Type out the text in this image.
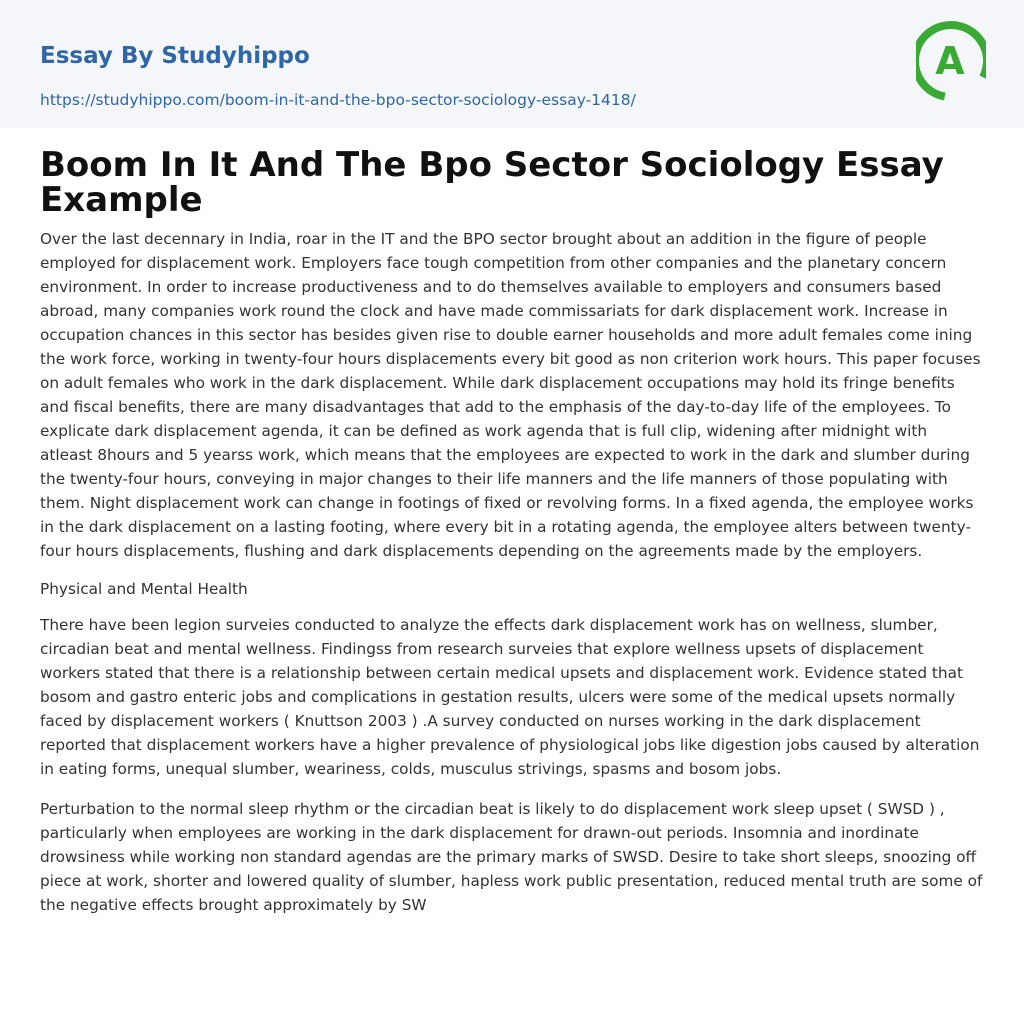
Essay By Studyhippo
https://studyhippo.com/boom-in-it-and-the-bpo-sector-sociology-essay-1418/
A
Boom In It And The Bpo Sector Sociology Essay Example

Over the last decennary in India, roar in the IT and the BPO sector brought about an addition in the figure of people employed for displacement work. Employers face tough competition from other companies and the planetary concern environment. In order to increase productiveness and to do themselves available to employers and consumers based abroad, many companies work round the clock and have made commissariats for dark displacement work. Increase in occupation chances in this sector has besides given rise to double earner households and more adult females come ining the work force, working in twenty-four hours displacements every bit good as non criterion work hours. This paper focuses on adult females who work in the dark displacement. While dark displacement occupations may hold its fringe benefits and fiscal benefits, there are many disadvantages that add to the emphasis of the day-to-day life of the employees. To explicate dark displacement agenda, it can be defined as work agenda that is full clip, widening after midnight with atleast 8hours and 5 yearss work, which means that the employees are expected to work in the dark and slumber during the twenty-four hours, conveying in major changes to their life manners and the life manners of those populating with them. Night displacement work can change in footings of fixed or revolving forms. In a fixed agenda, the employee works in the dark displacement on a lasting footing, where every bit in a rotating agenda, the employee alters between twenty-four hours displacements, flushing and dark displacements depending on the agreements made by the employers.

Physical and Mental Health

There have been legion surveies conducted to analyze the effects dark displacement work has on wellness, slumber, circadian beat and mental wellness. Findingss from research surveies that explore wellness upsets of displacement workers stated that there is a relationship between certain medical upsets and displacement work. Evidence stated that bosom and gastro enteric jobs and complications in gestation results, ulcers were some of the medical upsets normally faced by displacement workers ( Knuttson 2003 ) .A survey conducted on nurses working in the dark displacement reported that displacement workers have a higher prevalence of physiological jobs like digestion jobs caused by alteration in eating forms, unequal slumber, weariness, colds, musculus strivings, spasms and bosom jobs.

Perturbation to the normal sleep rhythm or the circadian beat is likely to do displacement work sleep upset ( SWSD ) , particularly when employees are working in the dark displacement for drawn-out periods. Insomnia and inordinate drowsiness while working non standard agendas are the primary marks of SWSD. Desire to take short sleeps, snoozing off piece at work, shorter and lowered quality of slumber, hapless work public presentation, reduced mental truth are some of the negative effects brought approximately by SW
